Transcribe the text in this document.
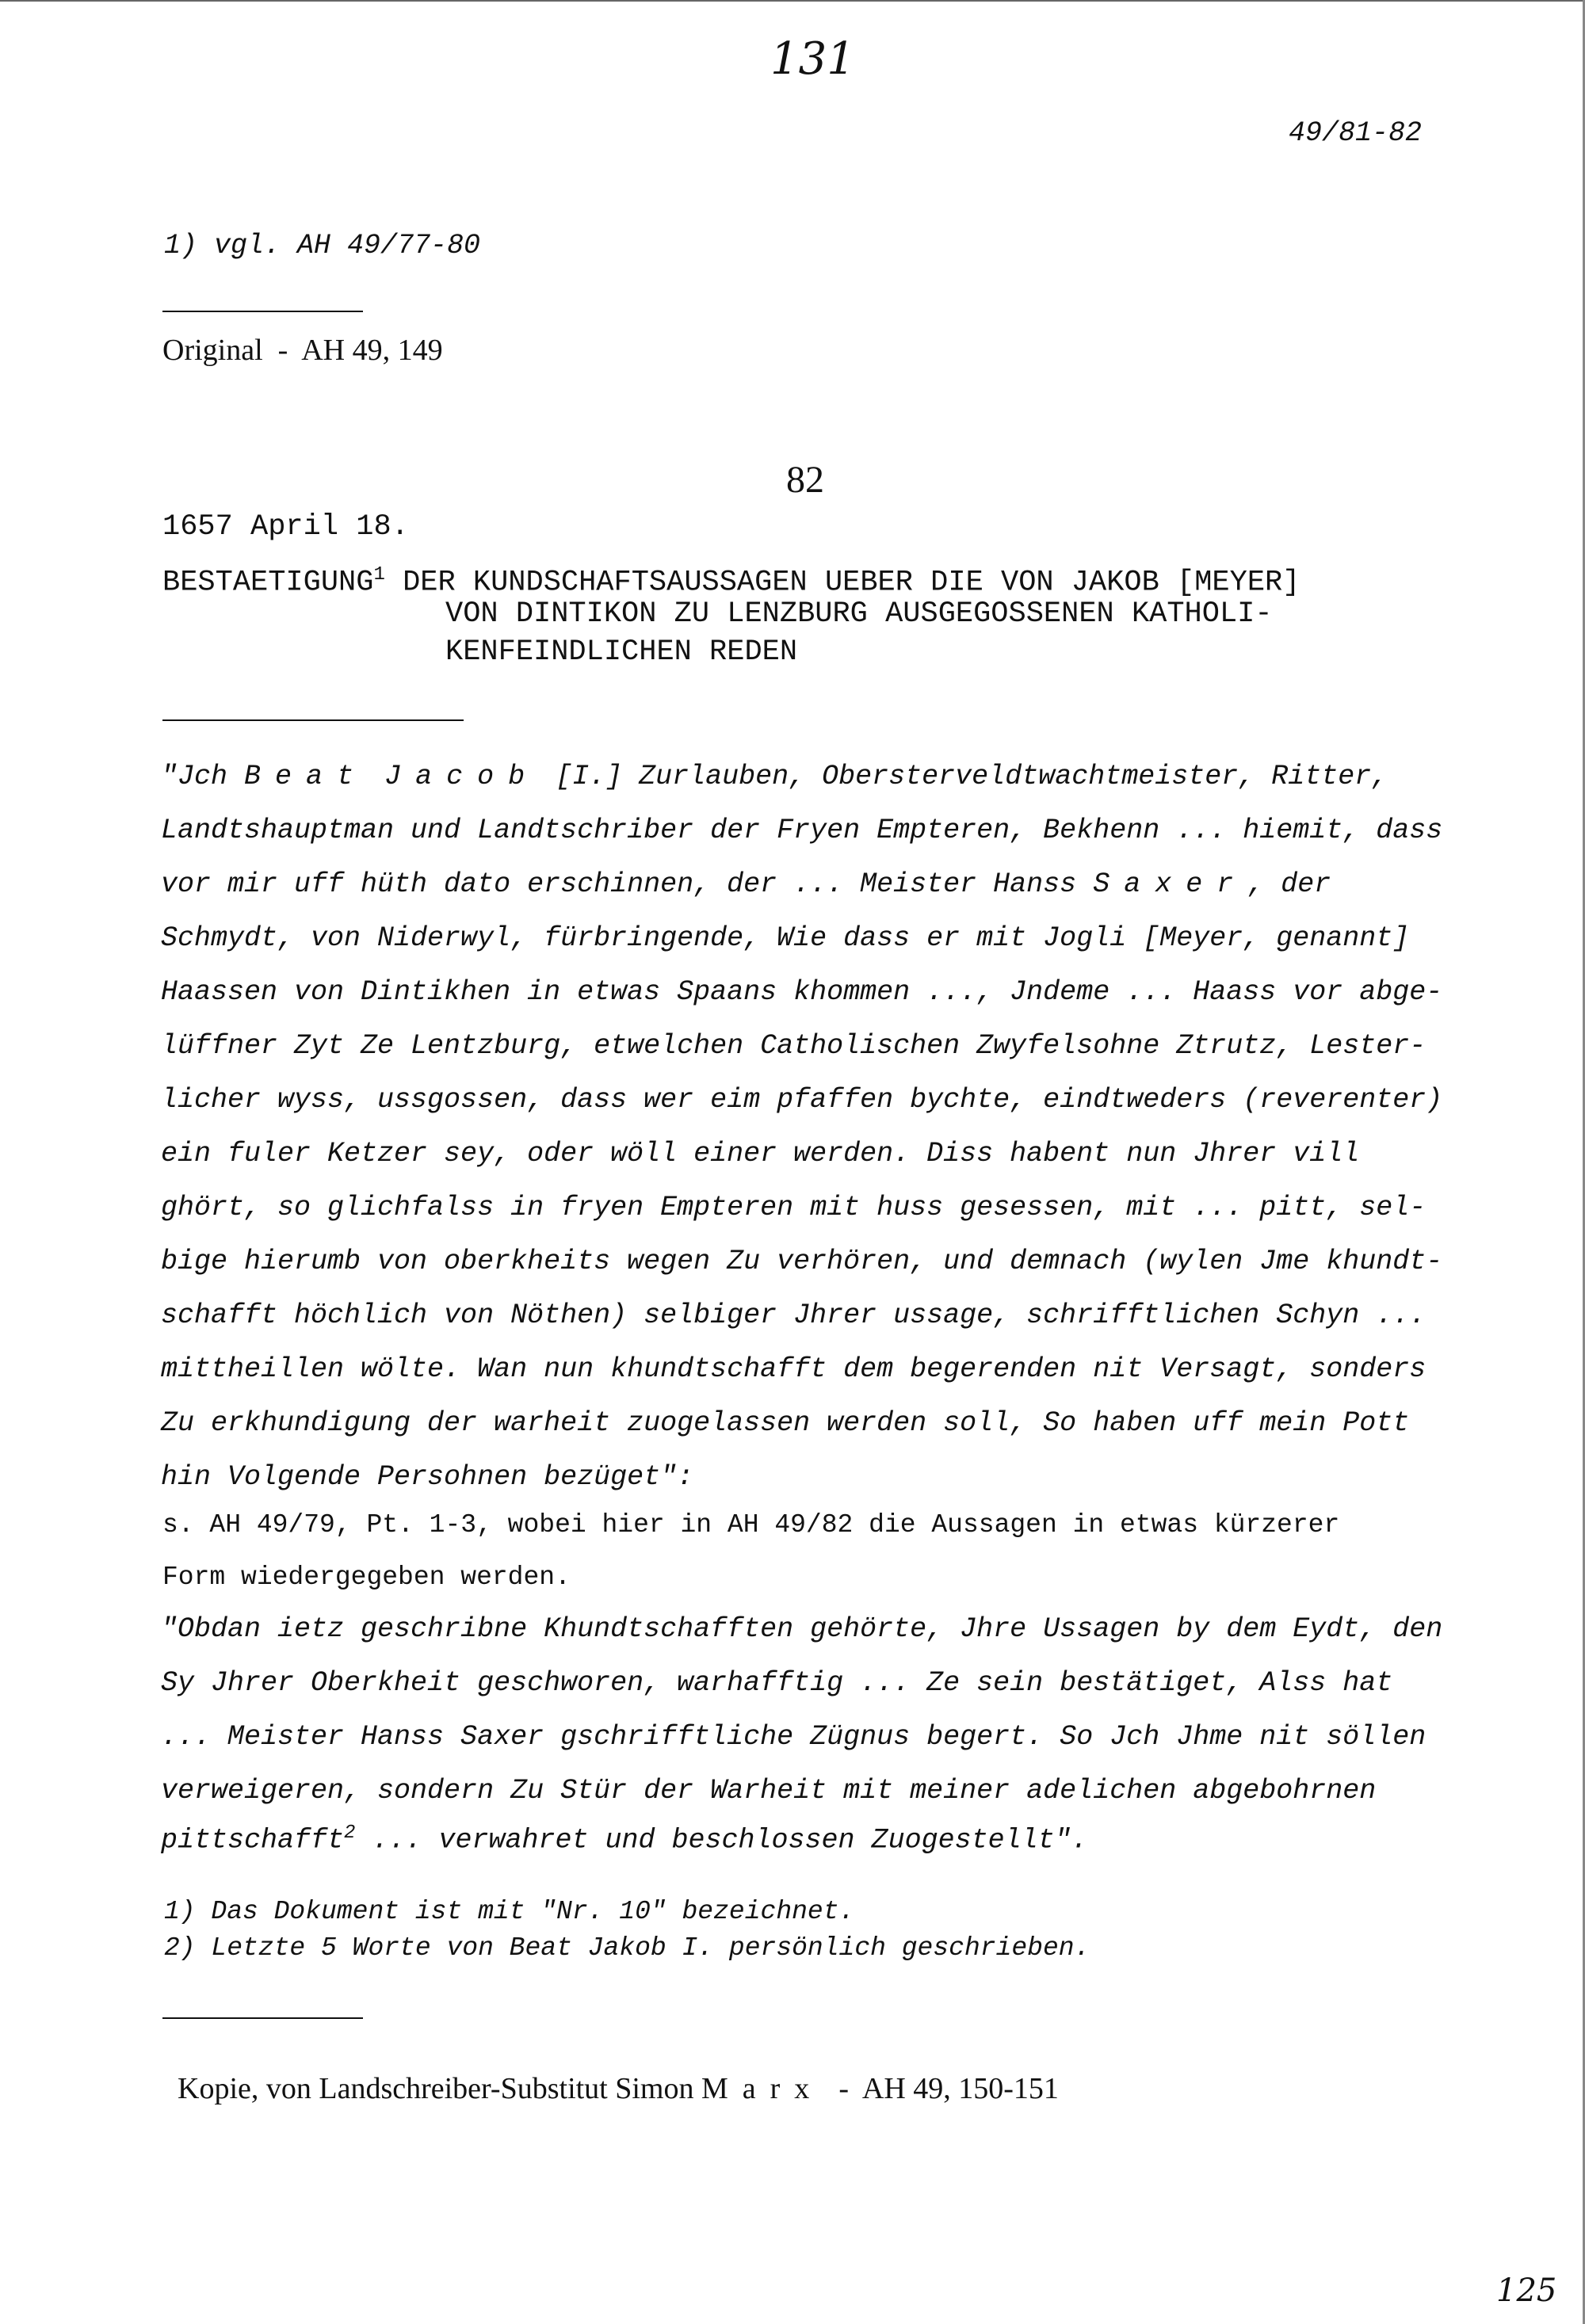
131
49/81-82
1) vgl. AH 49/77-80
Original  -  AH 49, 149
82
1657 April 18.
BESTAETIGUNG$^1$ DER KUNDSCHAFTSAUSSAGEN UEBER DIE VON JAKOB [MEYER]
VON DINTIKON ZU LENZBURG AUSGEGOSSENEN KATHOLI-
KENFEINDLICHEN REDEN
"Jch Beat Jacob [I.] Zurlauben, Obersterveldtwachtmeister, Ritter,
Landtshauptman und Landtschriber der Fryen Empteren, Bekhenn ... hiemit, dass
vor mir uff hüth dato erschinnen, der ... Meister Hanss Saxer, der
Schmydt, von Niderwyl, fürbringende, Wie dass er mit Jogli [Meyer, genannt]
Haassen von Dintikhen in etwas Spaans khommen ..., Jndeme ... Haass vor abge-
lüffner Zyt Ze Lentzburg, etwelchen Catholischen Zwyfelsohne Ztrutz, Lester-
licher wyss, ussgossen, dass wer eim pfaffen bychte, eindtweders (reverenter)
ein fuler Ketzer sey, oder wöll einer werden. Diss habent nun Jhrer vill
ghört, so glichfalss in fryen Empteren mit huss gesessen, mit ... pitt, sel-
bige hierumb von oberkheits wegen Zu verhören, und demnach (wylen Jme khundt-
schafft höchlich von Nöthen) selbiger Jhrer ussage, schrifftlichen Schyn ...
mittheillen wölte. Wan nun khundtschafft dem begerenden nit Versagt, sonders
Zu erkhundigung der warheit zuogelassen werden soll, So haben uff mein Pott
hin Volgende Persohnen bezüget":
s. AH 49/79, Pt. 1-3, wobei hier in AH 49/82 die Aussagen in etwas kürzerer
Form wiedergegeben werden.
"Obdan ietz geschribne Khundtschafften gehörte, Jhre Ussagen by dem Eydt, den
Sy Jhrer Oberkheit geschworen, warhafftig ... Ze sein bestätiget, Alss hat
... Meister Hanss Saxer gschrifftliche Zügnus begert. So Jch Jhme nit söllen
verweigeren, sondern Zu Stür der Warheit mit meiner adelichen abgebohrnen
pittschafft$^2$ ... verwahret und beschlossen Zuogestellt".
1) Das Dokument ist mit "Nr. 10" bezeichnet.
2) Letzte 5 Worte von Beat Jakob I. persönlich geschrieben.

Kopie, von Landschreiber-Substitut Simon Marx  -  AH 49, 150-151

125
